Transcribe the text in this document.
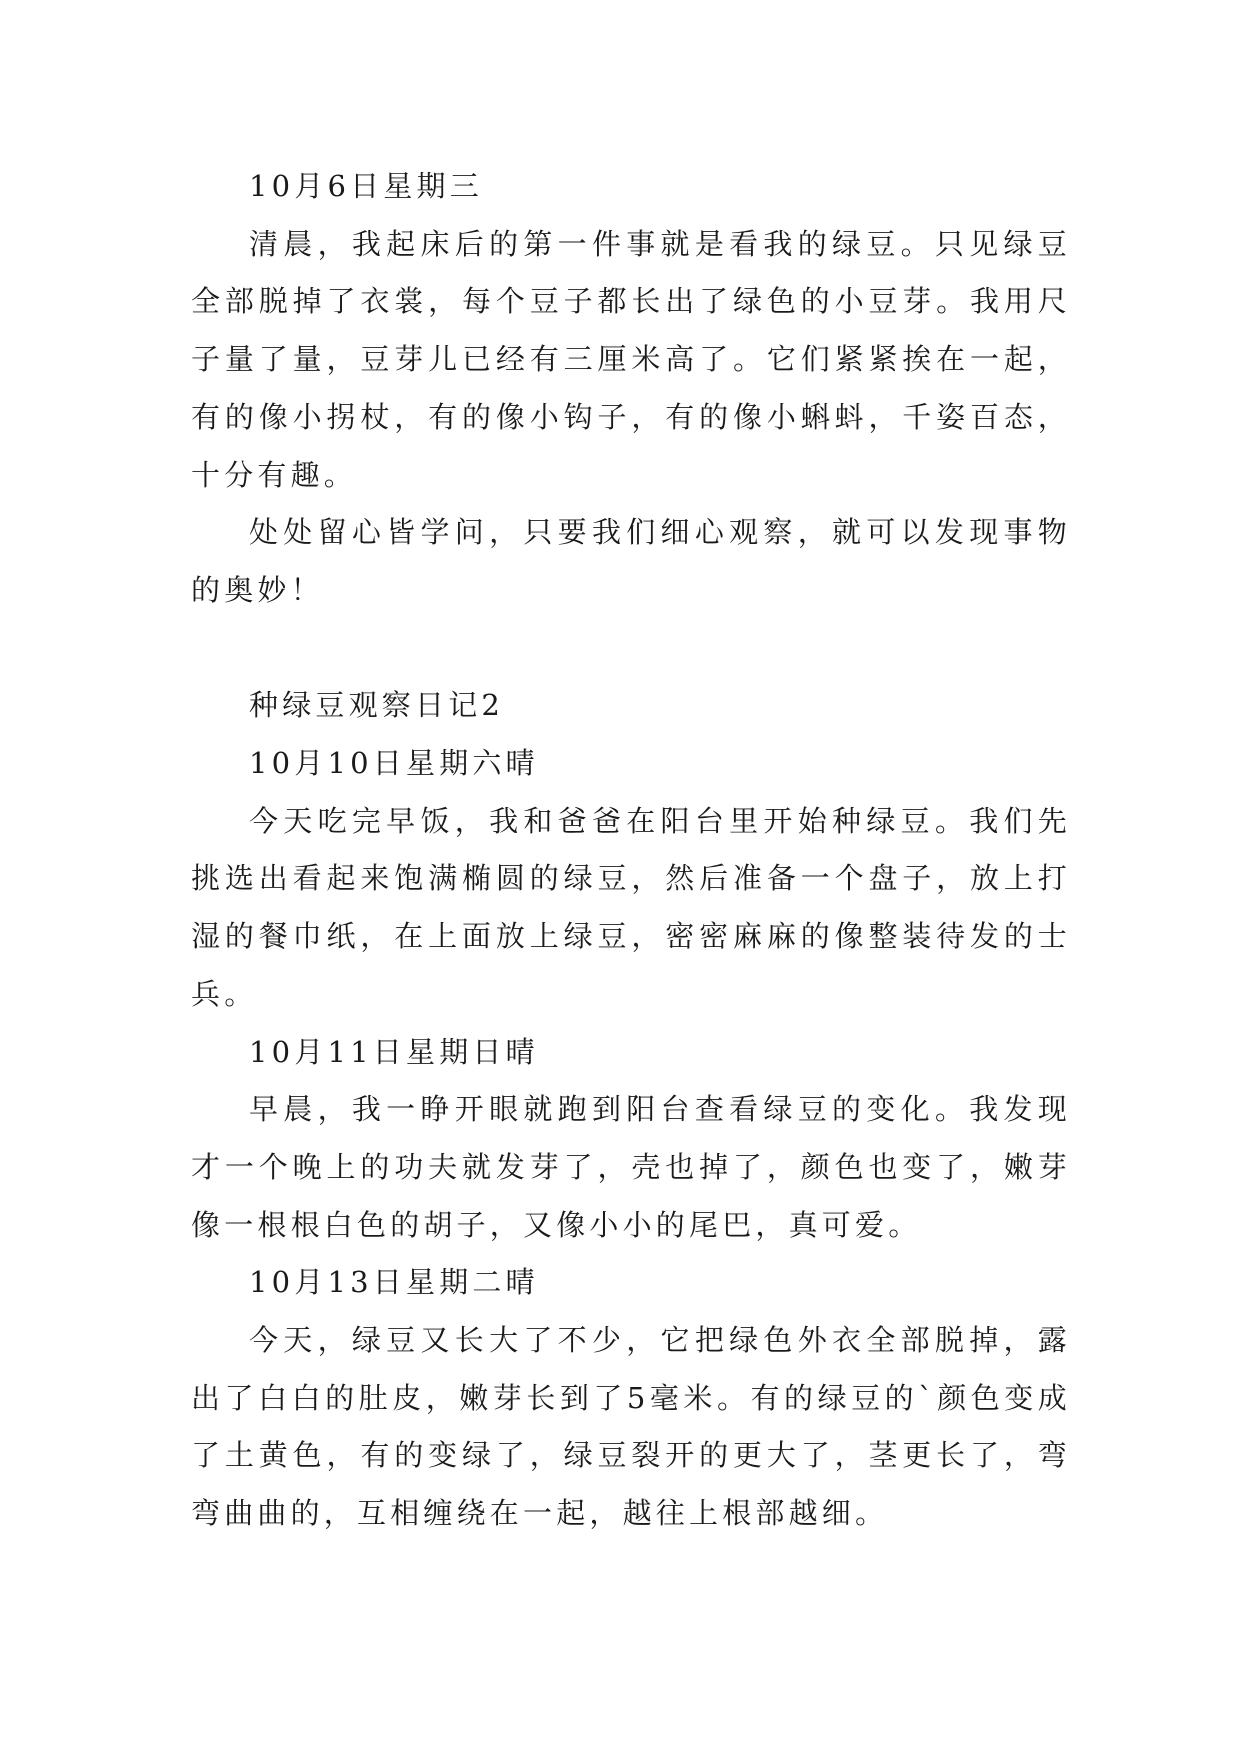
10月6日星期三

清晨，我起床后的第一件事就是看我的绿豆。只见绿豆全部脱掉了衣裳，每个豆子都长出了绿色的小豆芽。我用尺子量了量，豆芽儿已经有三厘米高了。它们紧紧挨在一起，有的像小拐杖，有的像小钩子，有的像小蝌蚪，千姿百态，十分有趣。

处处留心皆学问，只要我们细心观察，就可以发现事物的奥妙！

种绿豆观察日记2

10月10日星期六晴

今天吃完早饭，我和爸爸在阳台里开始种绿豆。我们先挑选出看起来饱满椭圆的绿豆，然后准备一个盘子，放上打湿的餐巾纸，在上面放上绿豆，密密麻麻的像整装待发的士兵。

10月11日星期日晴

早晨，我一睁开眼就跑到阳台查看绿豆的变化。我发现才一个晚上的功夫就发芽了，壳也掉了，颜色也变了，嫩芽像一根根白色的胡子，又像小小的尾巴，真可爱。

10月13日星期二晴

今天，绿豆又长大了不少，它把绿色外衣全部脱掉，露出了白白的肚皮，嫩芽长到了5毫米。有的绿豆的`颜色变成了土黄色，有的变绿了，绿豆裂开的更大了，茎更长了，弯弯曲曲的，互相缠绕在一起，越往上根部越细。
